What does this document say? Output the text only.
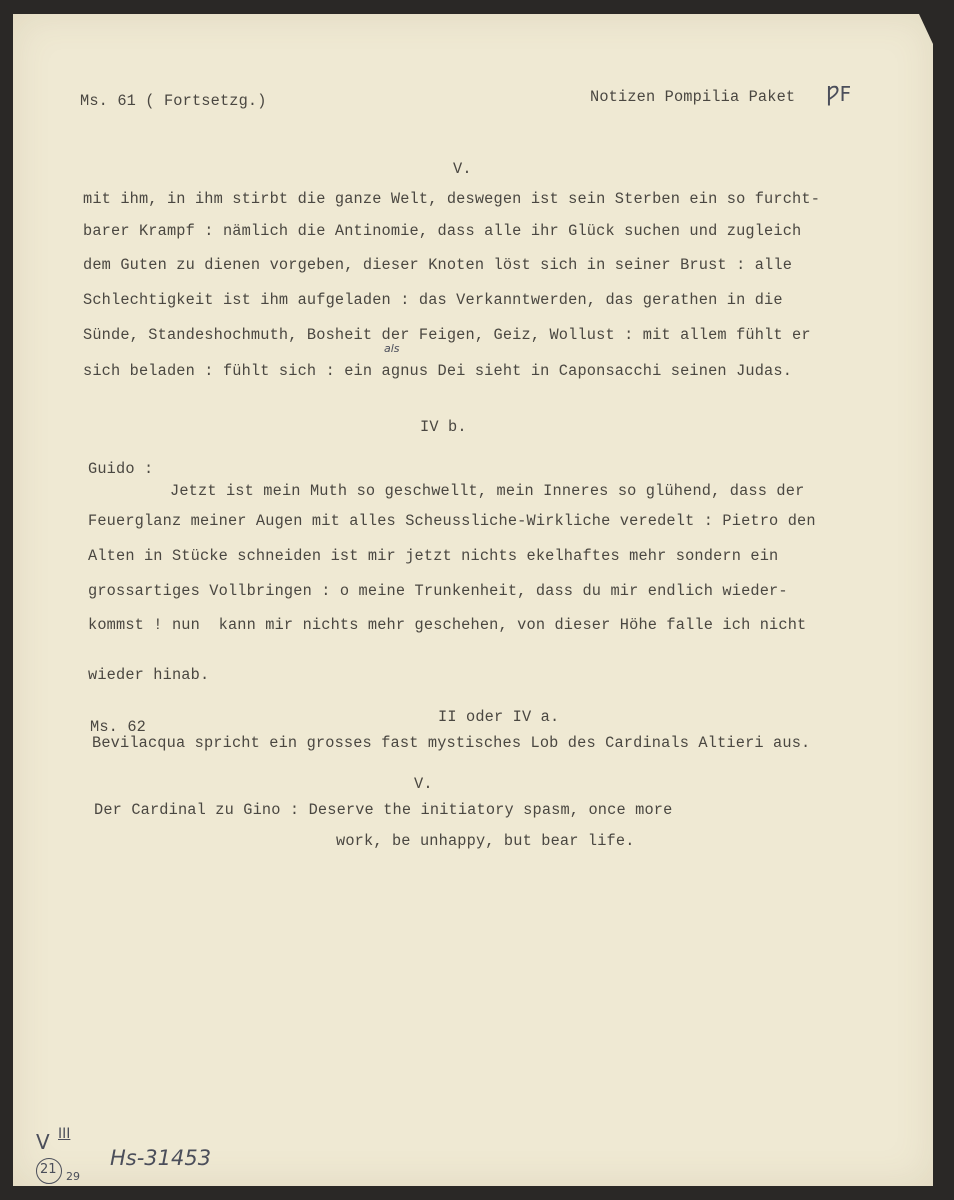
Ms. 61 ( Fortsetzg.)	Notizen Pompilia Paket ǷF
V.
mit ihm, in ihm stirbt die ganze Welt, deswegen ist sein Sterben ein so furcht-
barer Krampf : nämlich die Antinomie, dass alle ihr Glück suchen und zugleich
dem Guten zu dienen vorgeben, dieser Knoten löst sich in seiner Brust : alle
Schlechtigkeit ist ihm aufgeladen : das Verkanntwerden, das gerathen in die
Sünde, Standeshochmuth, Bosheit der Feigen, Geiz, Wollust : mit allem fühlt er
als
sich beladen : fühlt sich : ein agnus Dei sieht in Caponsacchi seinen Judas.
IV b.
Guido :
Jetzt ist mein Muth so geschwellt, mein Inneres so glühend, dass der
Feuerglanz meiner Augen mit alles Scheussliche-Wirkliche veredelt : Pietro den
Alten in Stücke schneiden ist mir jetzt nichts ekelhaftes mehr sondern ein
grossartiges Vollbringen : o meine Trunkenheit, dass du mir endlich wieder-
kommst ! nun  kann mir nichts mehr geschehen, von dieser Höhe falle ich nicht
wieder hinab.
Ms. 62
II oder IV a.
Bevilacqua spricht ein grosses fast mystisches Lob des Cardinals Altieri aus.
V.
Der Cardinal zu Gino : Deserve the initiatory spasm, once more
work, be unhappy, but bear life.
V III
21 29
Hs-31453
